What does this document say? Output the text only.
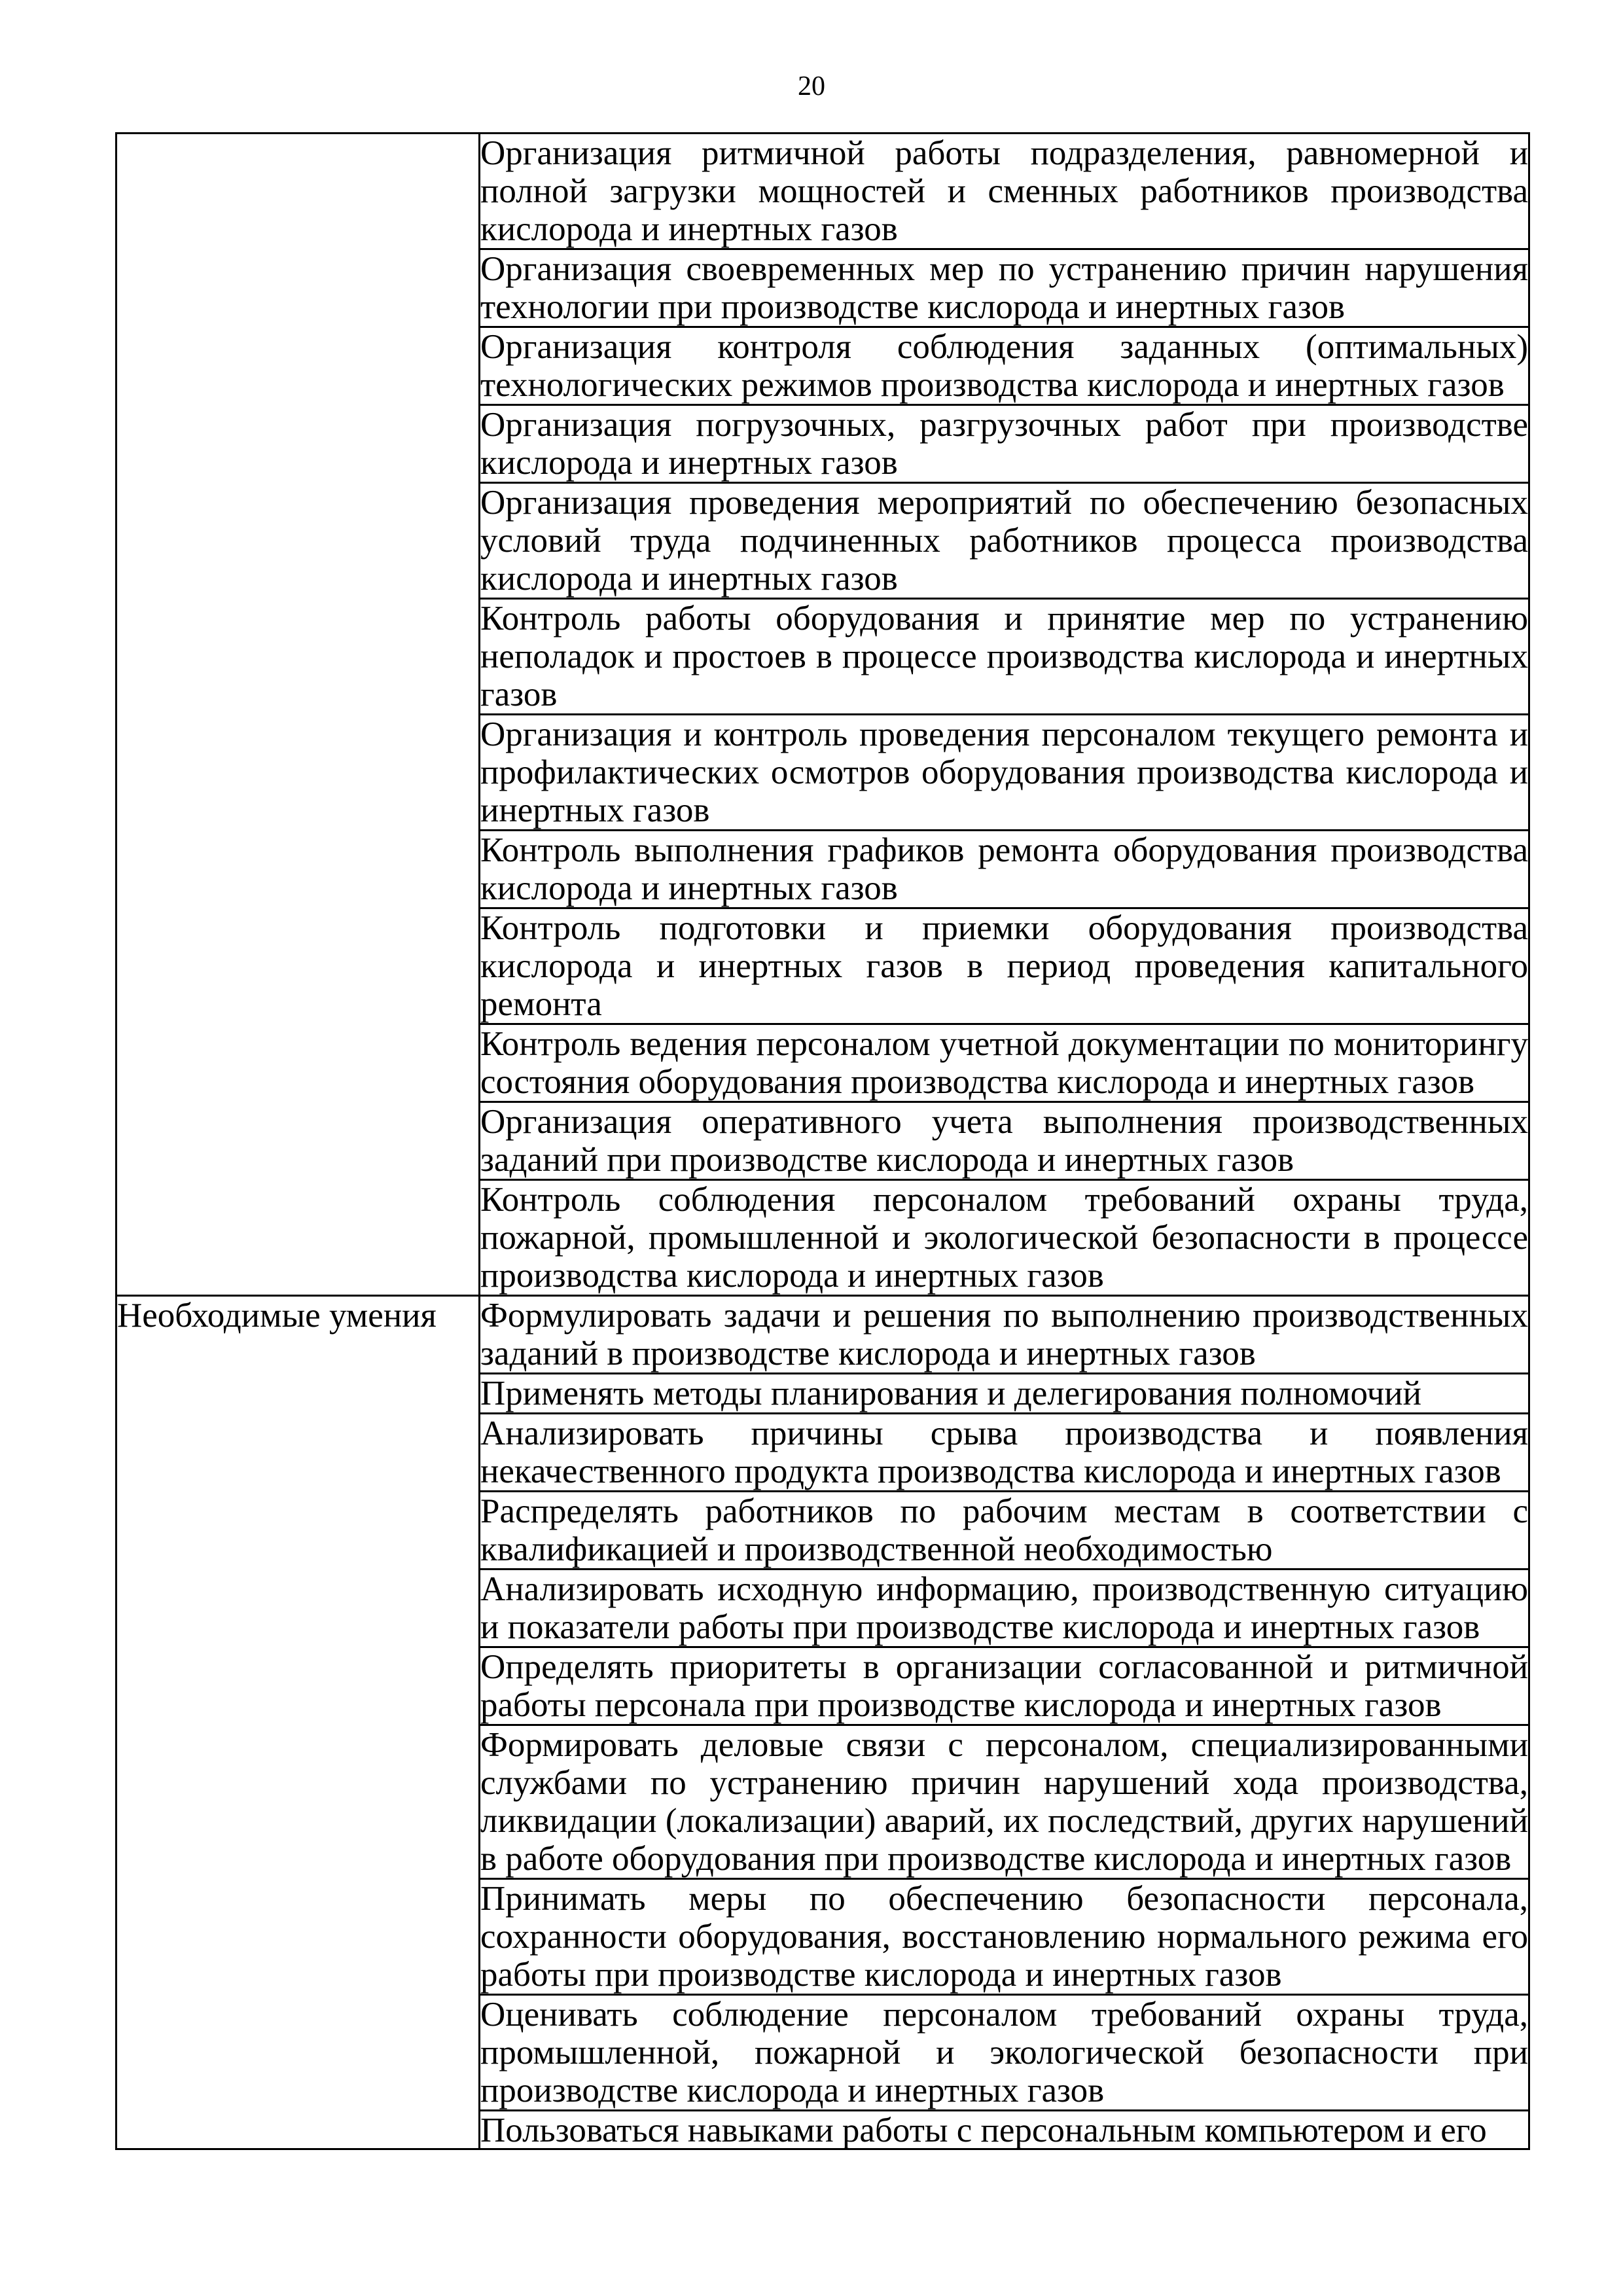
20
	Организация ритмичной работы подразделения, равномерной и полной загрузки мощностей и сменных работников производства кислорода и инертных газов
	Организация своевременных мер по устранению причин нарушения технологии при производстве кислорода и инертных газов
	Организация контроля соблюдения заданных (оптимальных) технологических режимов производства кислорода и инертных газов
	Организация погрузочных, разгрузочных работ при производстве кислорода и инертных газов
	Организация проведения мероприятий по обеспечению безопасных условий труда подчиненных работников процесса производства кислорода и инертных газов
	Контроль работы оборудования и принятие мер по устранению неполадок и простоев в процессе производства кислорода и инертных газов
	Организация и контроль проведения персоналом текущего ремонта и профилактических осмотров оборудования производства кислорода и инертных газов
	Контроль выполнения графиков ремонта оборудования производства кислорода и инертных газов
	Контроль подготовки и приемки оборудования производства кислорода и инертных газов в период проведения капитального ремонта
	Контроль ведения персоналом учетной документации по мониторингу состояния оборудования производства кислорода и инертных газов
	Организация оперативного учета выполнения производственных заданий при производстве кислорода и инертных газов
	Контроль соблюдения персоналом требований охраны труда, пожарной, промышленной и экологической безопасности в процессе производства кислорода и инертных газов
Необходимые умения	Формулировать задачи и решения по выполнению производственных заданий в производстве кислорода и инертных газов
	Применять методы планирования и делегирования полномочий
	Анализировать причины срыва производства и появления некачественного продукта производства кислорода и инертных газов
	Распределять работников по рабочим местам в соответствии с квалификацией и производственной необходимостью
	Анализировать исходную информацию, производственную ситуацию и показатели работы при производстве кислорода и инертных газов
	Определять приоритеты в организации согласованной и ритмичной работы персонала при производстве кислорода и инертных газов
	Формировать деловые связи с персоналом, специализированными службами по устранению причин нарушений хода производства, ликвидации (локализации) аварий, их последствий, других нарушений в работе оборудования при производстве кислорода и инертных газов
	Принимать меры по обеспечению безопасности персонала, сохранности оборудования, восстановлению нормального режима его работы при производстве кислорода и инертных газов
	Оценивать соблюдение персоналом требований охраны труда, промышленной, пожарной и экологической безопасности при производстве кислорода и инертных газов

	Пользоваться навыками работы с персональным компьютером и его
